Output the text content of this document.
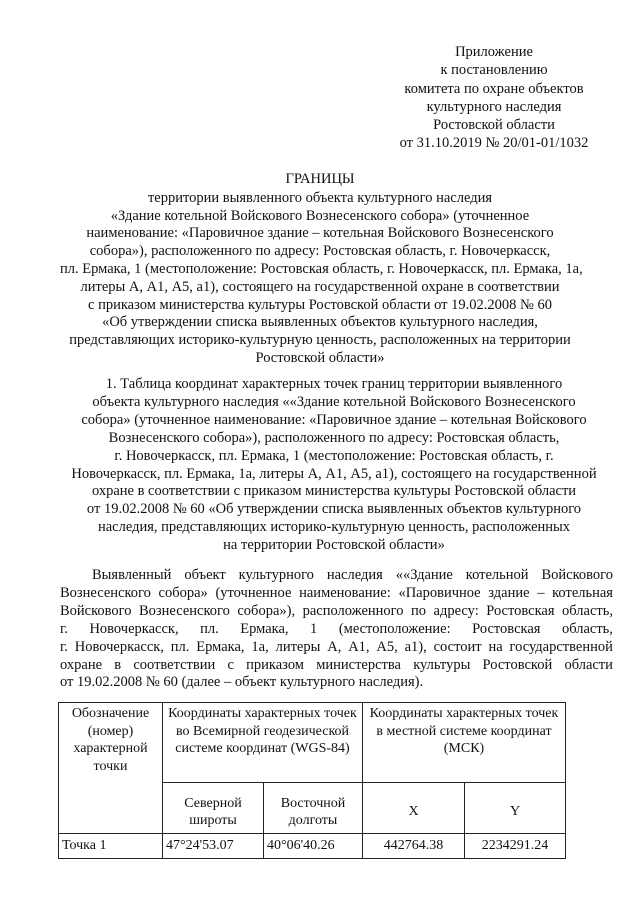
Приложение
к постановлению
комитета по охране объектов
культурного наследия
Ростовской области
от 31.10.2019 № 20/01-01/1032
ГРАНИЦЫ
территории выявленного объекта культурного наследия
«Здание котельной Войскового Вознесенского собора» (уточненное
наименование: «Паровичное здание – котельная Войскового Вознесенского
собора»), расположенного по адресу: Ростовская область, г. Новочеркасск,
пл. Ермака, 1 (местоположение: Ростовская область, г. Новочеркасск, пл. Ермака, 1а,
литеры А, А1, А5, а1), состоящего на государственной охране в соответствии
с приказом министерства культуры Ростовской области от 19.02.2008 № 60
«Об утверждении списка выявленных объектов культурного наследия,
представляющих историко-культурную ценность, расположенных на территории
Ростовской области»
1. Таблица координат характерных точек границ территории выявленного
объекта культурного наследия ««Здание котельной Войскового Вознесенского
собора» (уточненное наименование: «Паровичное здание – котельная Войскового
Вознесенского собора»), расположенного по адресу: Ростовская область,
г. Новочеркасск, пл. Ермака, 1 (местоположение: Ростовская область, г.
Новочеркасск, пл. Ермака, 1а, литеры А, А1, А5, а1), состоящего на государственной
охране в соответствии с приказом министерства культуры Ростовской области
от 19.02.2008 № 60 «Об утверждении списка выявленных объектов культурного
наследия, представляющих историко-культурную ценность, расположенных
на территории Ростовской области»
Выявленный объект культурного наследия ««Здание котельной Войскового
Вознесенского собора» (уточненное наименование: «Паровичное здание – котельная
Войскового Вознесенского собора»), расположенного по адресу: Ростовская область,
г. Новочеркасск, пл. Ермака, 1 (местоположение: Ростовская область,
г. Новочеркасск, пл. Ермака, 1а, литеры А, А1, А5, а1), состоит на государственной
охране в соответствии с приказом министерства культуры Ростовской области
от 19.02.2008 № 60 (далее – объект культурного наследия).
Обозначение (номер) характерной точки	Координаты характерных точек во Всемирной геодезической системе координат (WGS-84)		Координаты характерных точек в местной системе координат (МСК)	
	Северной широты	Восточной долготы	X	Y
Точка 1	47°24'53.07	40°06'40.26	442764.38	2234291.24
